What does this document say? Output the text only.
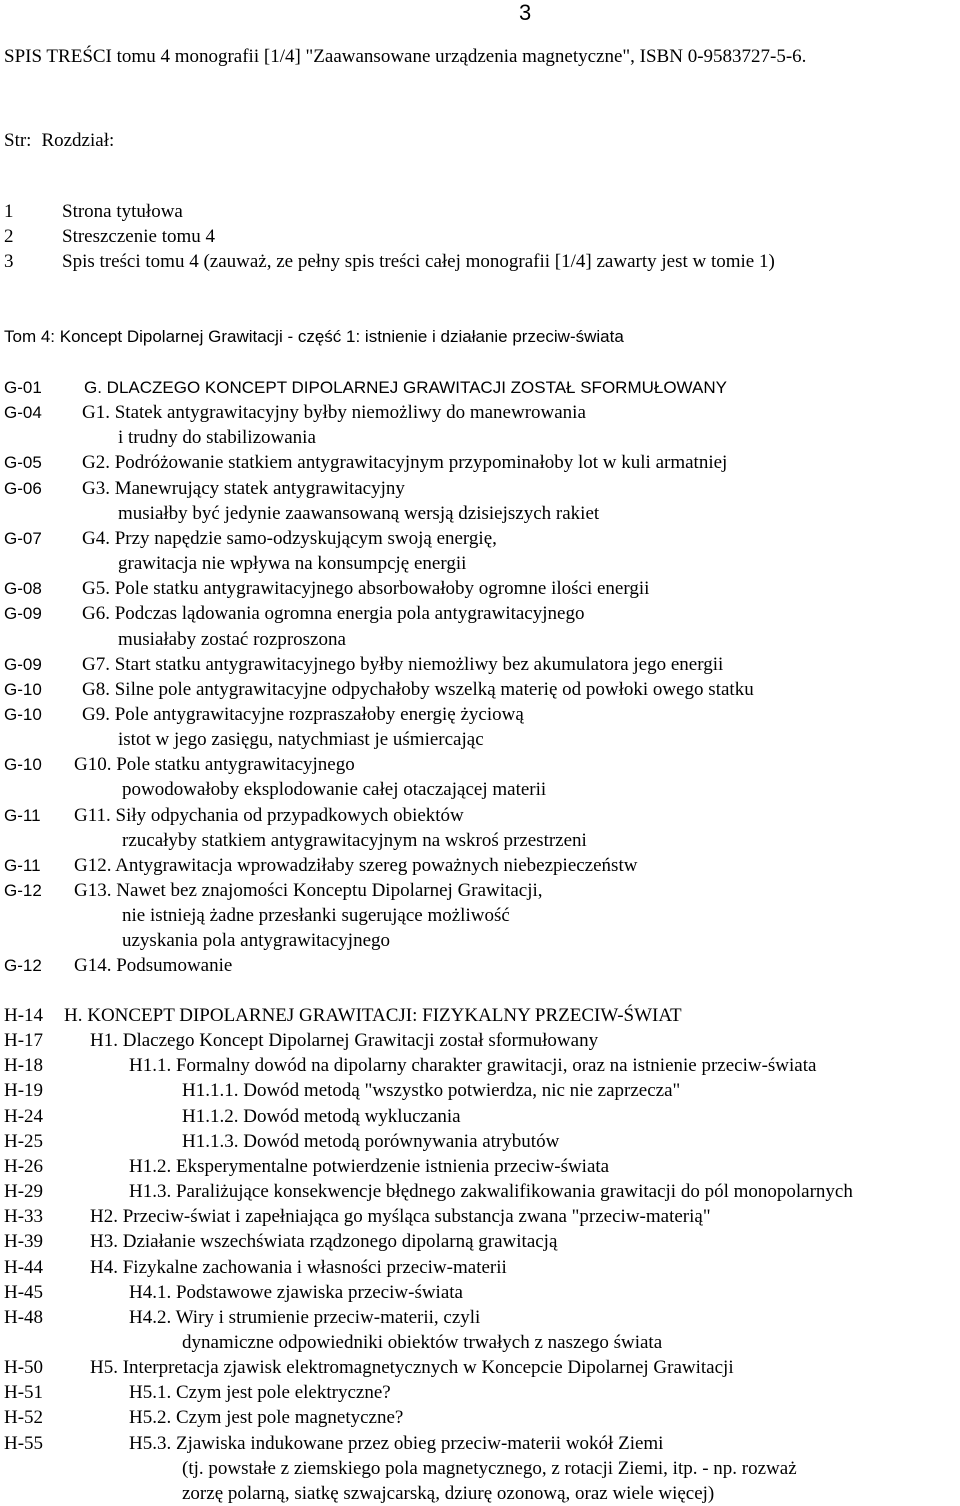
3
SPIS TREŚCI tomu 4 monografii [1/4] "Zaawansowane urządzenia magnetyczne", ISBN 0-9583727-5-6.
Str: Rozdział:
1	Strona tytułowa
2	Streszczenie tomu 4
3	Spis treści tomu 4 (zauważ, ze pełny spis treści całej monografii [1/4] zawarty jest w tomie 1)
Tom 4: Koncept Dipolarnej Grawitacji - część 1: istnienie i działanie przeciw-świata
G-01 G. DLACZEGO KONCEPT DIPOLARNEJ GRAWITACJI ZOSTAŁ SFORMUŁOWANY
G-04 G1. Statek antygrawitacyjny byłby niemożliwy do manewrowania
i trudny do stabilizowania
G-05 G2. Podróżowanie statkiem antygrawitacyjnym przypominałoby lot w kuli armatniej
G-06 G3. Manewrujący statek antygrawitacyjny
musiałby być jedynie zaawansowaną wersją dzisiejszych rakiet
G-07 G4. Przy napędzie samo-odzyskującym swoją energię,
grawitacja nie wpływa na konsumpcję energii
G-08 G5. Pole statku antygrawitacyjnego absorbowałoby ogromne ilości energii
G-09 G6. Podczas lądowania ogromna energia pola antygrawitacyjnego
musiałaby zostać rozproszona
G-09 G7. Start statku antygrawitacyjnego byłby niemożliwy bez akumulatora jego energii
G-10 G8. Silne pole antygrawitacyjne odpychałoby wszelką materię od powłoki owego statku
G-10 G9. Pole antygrawitacyjne rozpraszałoby energię życiową
istot w jego zasięgu, natychmiast je uśmiercając
G-10 G10. Pole statku antygrawitacyjnego
powodowałoby eksplodowanie całej otaczającej materii
G-11 G11. Siły odpychania od przypadkowych obiektów
rzucałyby statkiem antygrawitacyjnym na wskroś przestrzeni
G-11 G12. Antygrawitacja wprowadziłaby szereg poważnych niebezpieczeństw
G-12 G13. Nawet bez znajomości Konceptu Dipolarnej Grawitacji,
nie istnieją żadne przesłanki sugerujące możliwość
uzyskania pola antygrawitacyjnego
G-12 G14. Podsumowanie
H-14 H. KONCEPT DIPOLARNEJ GRAWITACJI: FIZYKALNY PRZECIW-ŚWIAT
H-17 H1. Dlaczego Koncept Dipolarnej Grawitacji został sformułowany
H-18	H1.1. Formalny dowód na dipolarny charakter grawitacji, oraz na istnienie przeciw-świata
H-19	H1.1.1. Dowód metodą "wszystko potwierdza, nic nie zaprzecza"
H-24	H1.1.2. Dowód metodą wykluczania
H-25	H1.1.3. Dowód metodą porównywania atrybutów
H-26	H1.2. Eksperymentalne potwierdzenie istnienia przeciw-świata
H-29	H1.3. Paraliżujące konsekwencje błędnego zakwalifikowania grawitacji do pól monopolarnych
H-33 H2. Przeciw-świat i zapełniająca go myśląca substancja zwana "przeciw-materią"
H-39 H3. Działanie wszechświata rządzonego dipolarną grawitacją
H-44 H4. Fizykalne zachowania i własności przeciw-materii
H-45	H4.1. Podstawowe zjawiska przeciw-świata
H-48	H4.2. Wiry i strumienie przeciw-materii, czyli
dynamiczne odpowiedniki obiektów trwałych z naszego świata
H-50 H5. Interpretacja zjawisk elektromagnetycznych w Koncepcie Dipolarnej Grawitacji
H-51	H5.1. Czym jest pole elektryczne?
H-52	H5.2. Czym jest pole magnetyczne?
H-55	H5.3. Zjawiska indukowane przez obieg przeciw-materii wokół Ziemi
(tj. powstałe z ziemskiego pola magnetycznego, z rotacji Ziemi, itp. - np. rozważ
zorzę polarną, siatkę szwajcarską, dziurę ozonową, oraz wiele więcej)
